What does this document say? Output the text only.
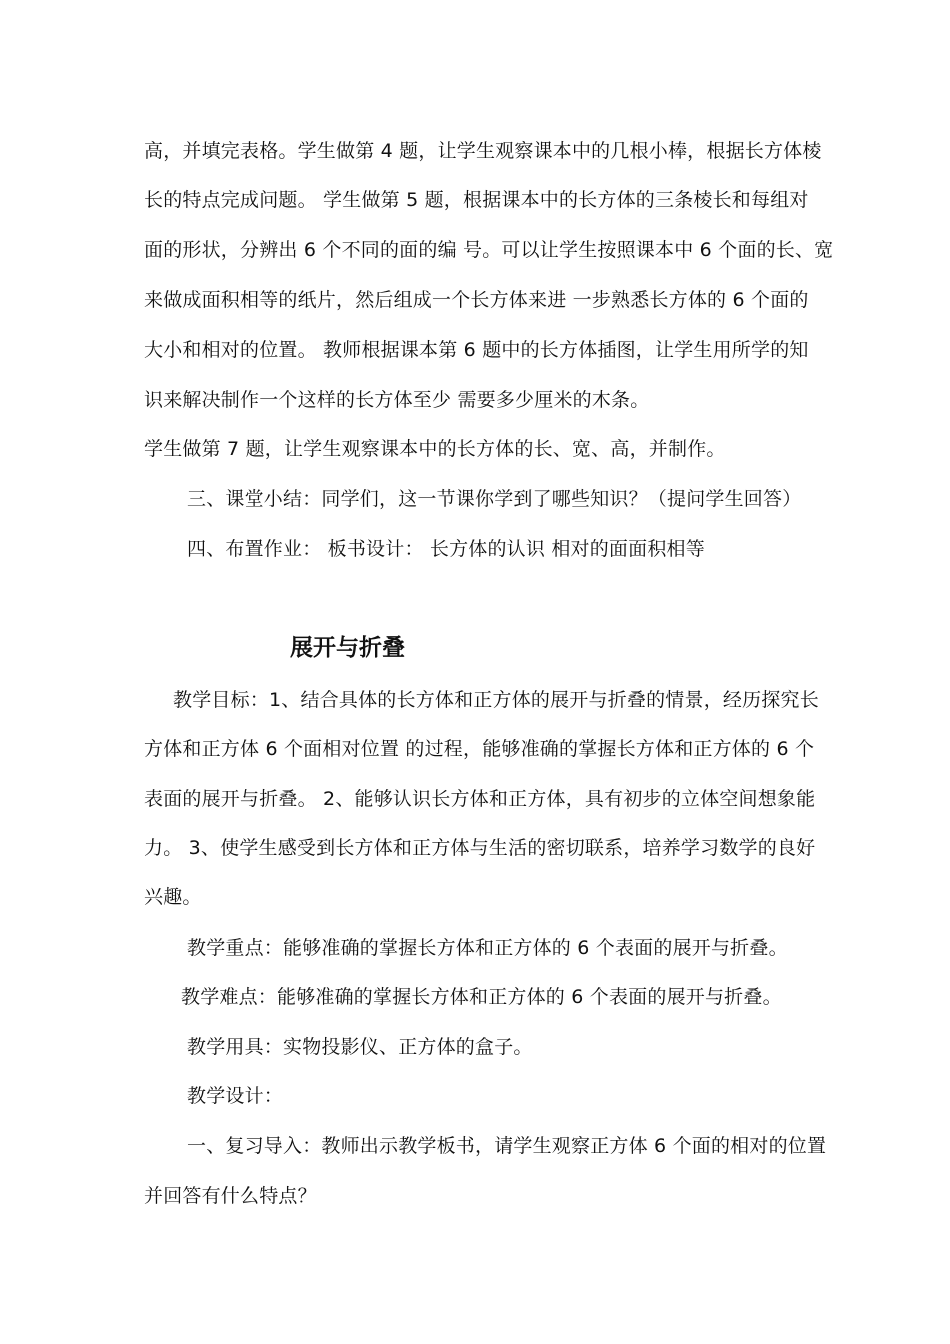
高，并填完表格。学生做第 4 题，让学生观察课本中的几根小棒，根据长方体棱
长的特点完成问题。 学生做第 5 题，根据课本中的长方体的三条棱长和每组对
面的形状，分辨出 6 个不同的面的编 号。可以让学生按照课本中 6 个面的长、宽
来做成面积相等的纸片，然后组成一个长方体来进 一步熟悉长方体的 6 个面的
大小和相对的位置。 教师根据课本第 6 题中的长方体插图，让学生用所学的知
识来解决制作一个这样的长方体至少 需要多少厘米的木条。
学生做第 7 题，让学生观察课本中的长方体的长、宽、高，并制作。
三、课堂小结：同学们，这一节课你学到了哪些知识？（提问学生回答）
四、布置作业： 板书设计： 长方体的认识 相对的面面积相等
展开与折叠
教学目标：1、结合具体的长方体和正方体的展开与折叠的情景，经历探究长
方体和正方体 6 个面相对位置 的过程，能够准确的掌握长方体和正方体的 6 个
表面的展开与折叠。 2、能够认识长方体和正方体，具有初步的立体空间想象能
力。 3、使学生感受到长方体和正方体与生活的密切联系，培养学习数学的良好
兴趣。
教学重点：能够准确的掌握长方体和正方体的 6 个表面的展开与折叠。
教学难点：能够准确的掌握长方体和正方体的 6 个表面的展开与折叠。
教学用具：实物投影仪、正方体的盒子。
教学设计：
一、复习导入：教师出示教学板书，请学生观察正方体 6 个面的相对的位置
并回答有什么特点？
